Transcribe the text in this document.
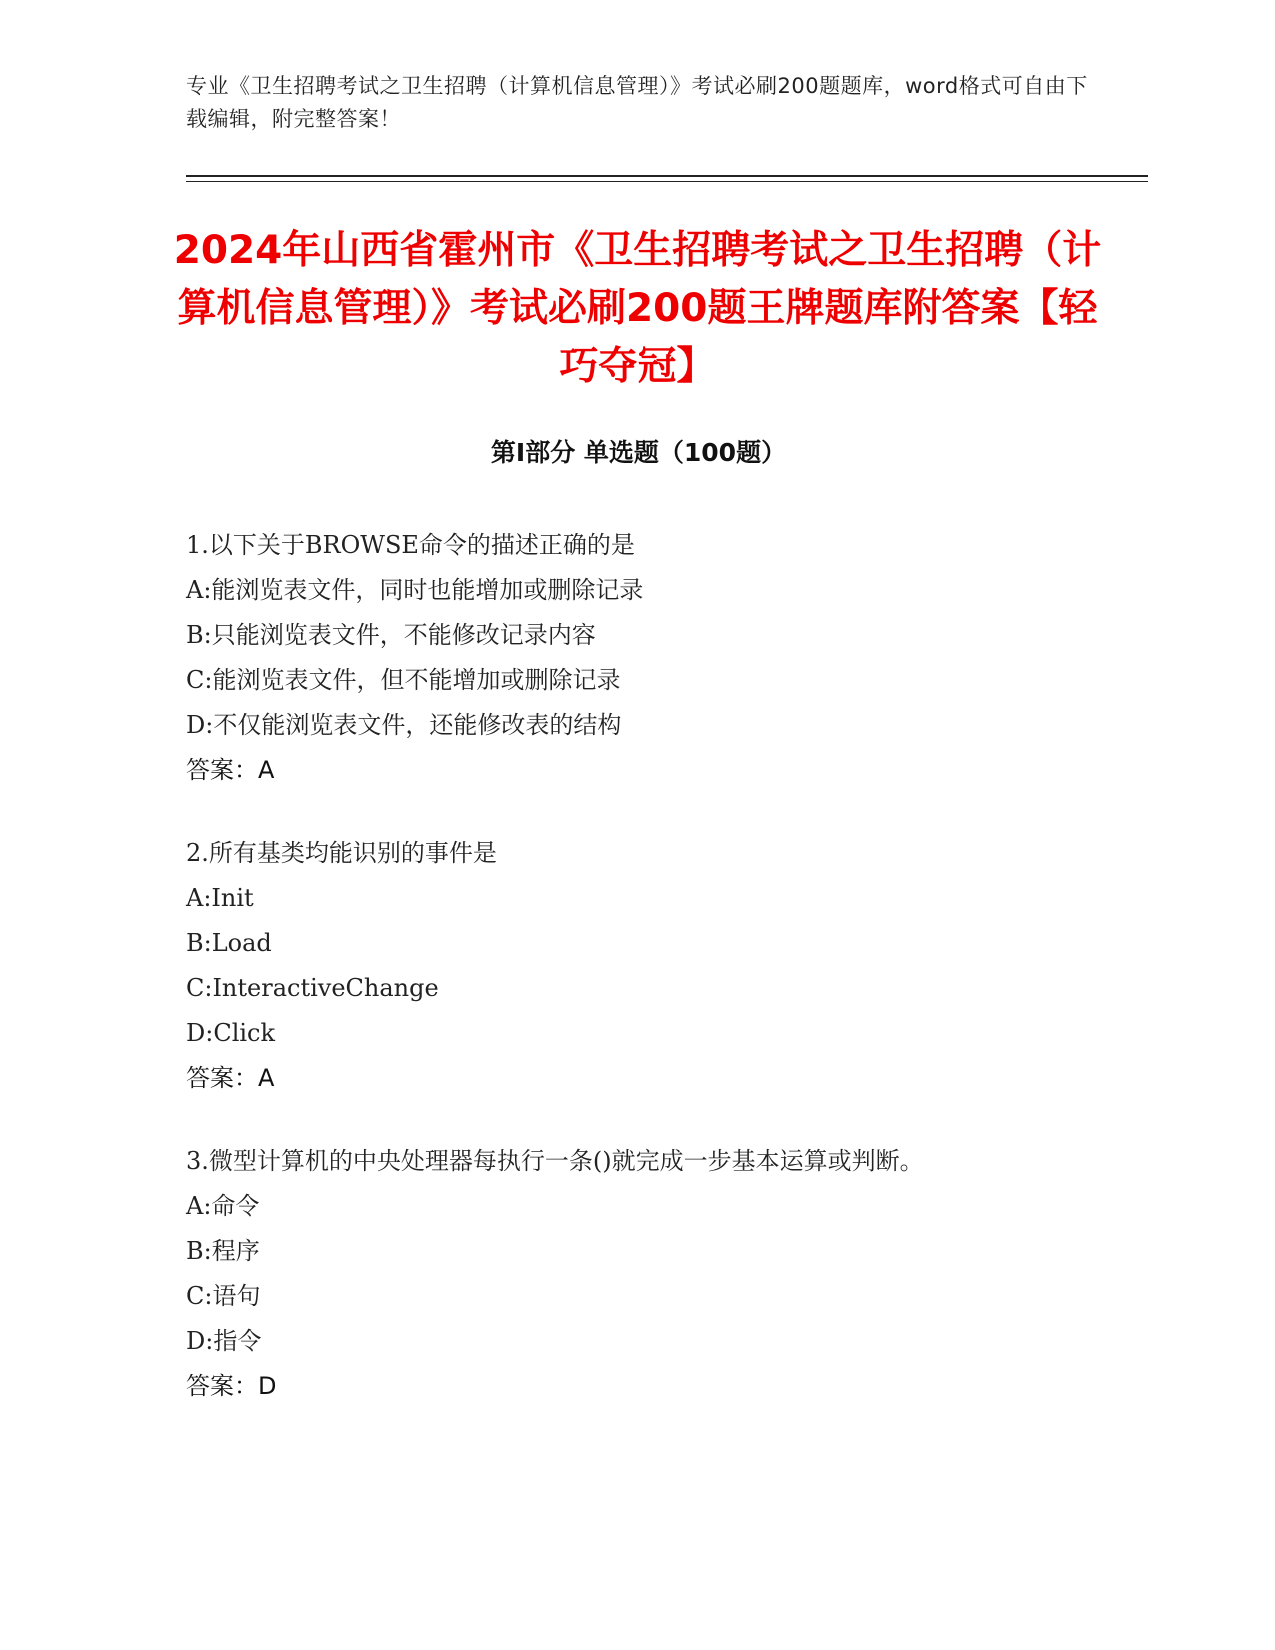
专业《卫生招聘考试之卫生招聘（计算机信息管理）》考试必刷200题题库，word格式可自由下载编辑，附完整答案！
2024年山西省霍州市《卫生招聘考试之卫生招聘（计算机信息管理）》考试必刷200题王牌题库附答案【轻巧夺冠】
第Ⅰ部分 单选题（100题）
1.以下关于BROWSE命令的描述正确的是
A:能浏览表文件，同时也能增加或删除记录
B:只能浏览表文件，不能修改记录内容
C:能浏览表文件，但不能增加或删除记录
D:不仅能浏览表文件，还能修改表的结构
答案：A
2.所有基类均能识别的事件是
A:Init
B:Load
C:InteractiveChange
D:Click
答案：A
3.微型计算机的中央处理器每执行一条()就完成一步基本运算或判断。
A:命令
B:程序
C:语句
D:指令
答案：D
